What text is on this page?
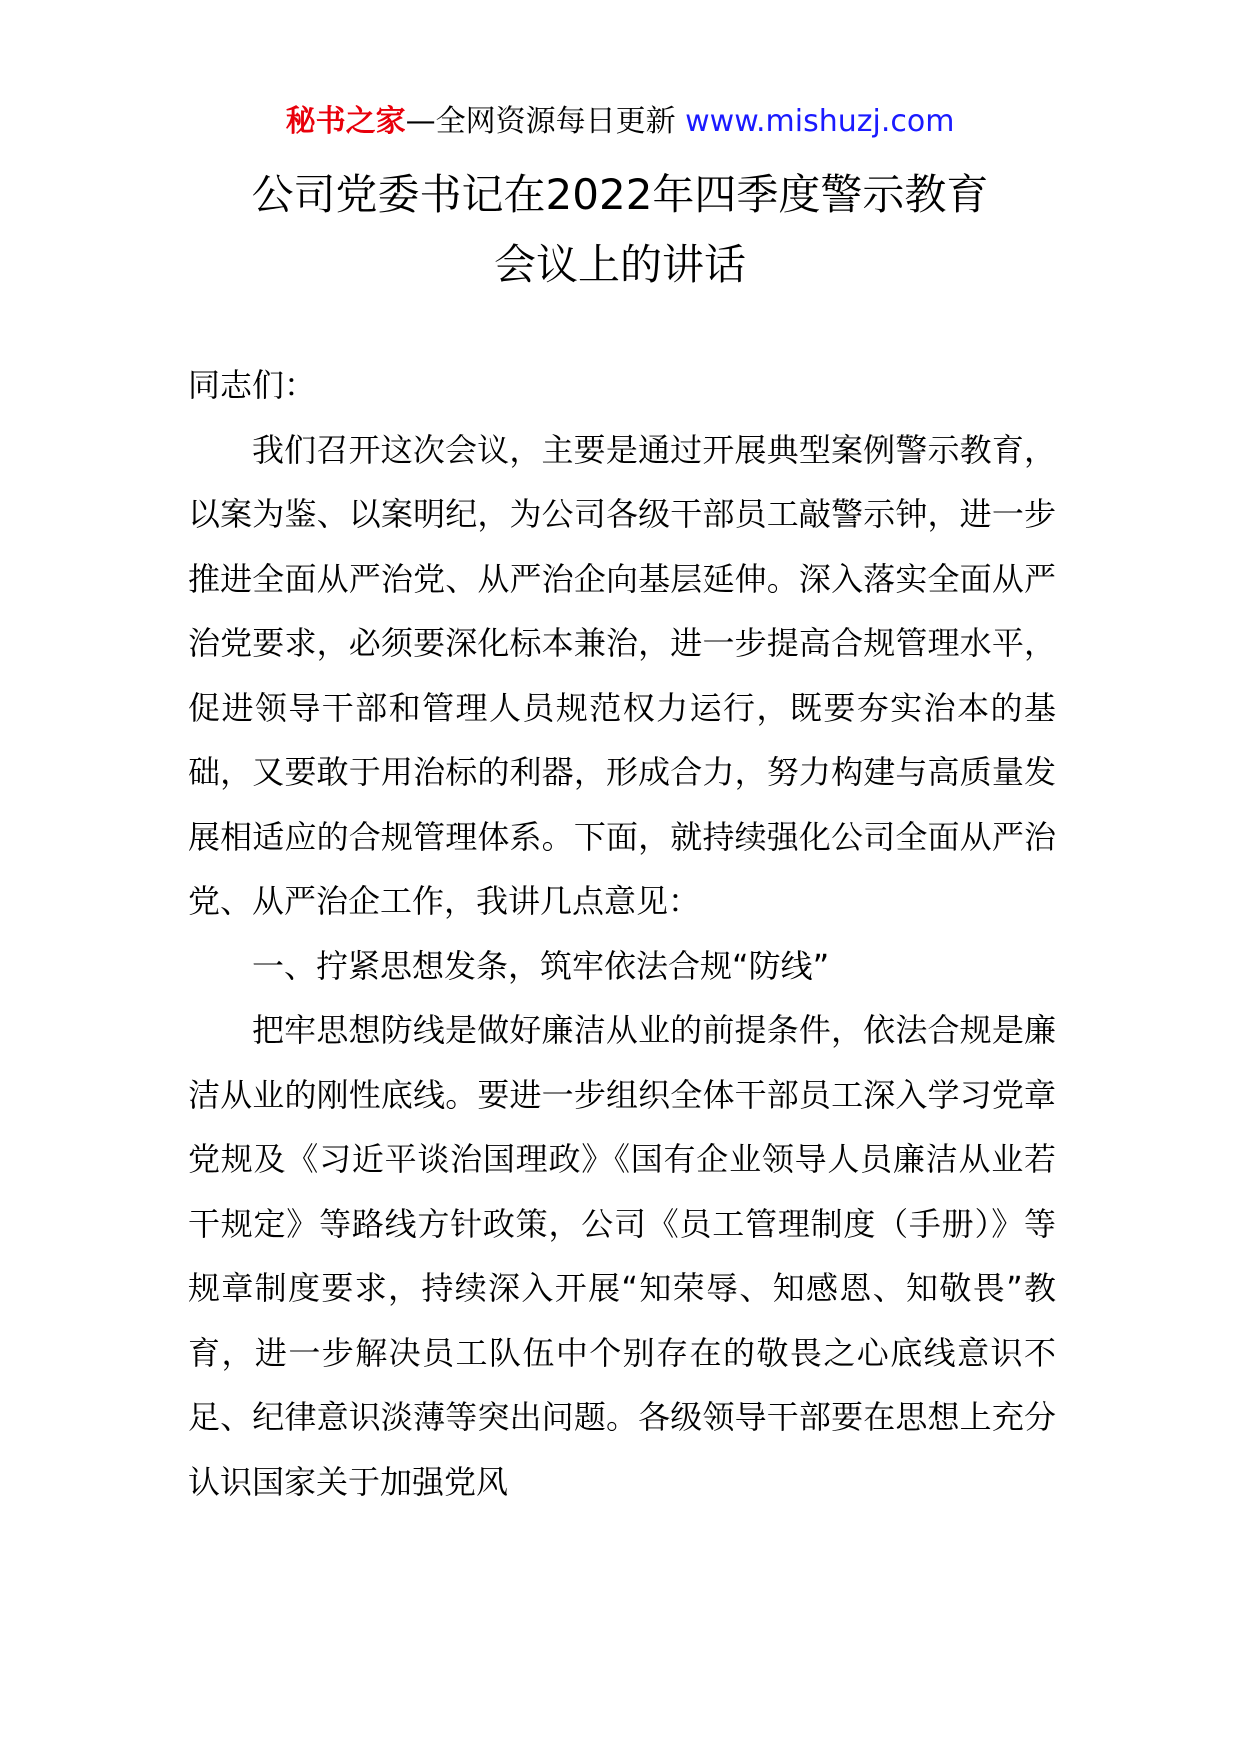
秘书之家—全网资源每日更新 www.mishuzj.com
公司党委书记在2022年四季度警示教育
会议上的讲话

同志们：

我们召开这次会议，主要是通过开展典型案例警示教育，以案为鉴、以案明纪，为公司各级干部员工敲警示钟，进一步推进全面从严治党、从严治企向基层延伸。深入落实全面从严治党要求，必须要深化标本兼治，进一步提高合规管理水平，促进领导干部和管理人员规范权力运行，既要夯实治本的基础，又要敢于用治标的利器，形成合力，努力构建与高质量发展相适应的合规管理体系。下面，就持续强化公司全面从严治党、从严治企工作，我讲几点意见：

一、拧紧思想发条，筑牢依法合规“防线”

把牢思想防线是做好廉洁从业的前提条件，依法合规是廉洁从业的刚性底线。要进一步组织全体干部员工深入学习党章党规及《习近平谈治国理政》《国有企业领导人员廉洁从业若干规定》等路线方针政策，公司《员工管理制度（手册）》等规章制度要求，持续深入开展“知荣辱、知感恩、知敬畏”教育，进一步解决员工队伍中个别存在的敬畏之心底线意识不足、纪律意识淡薄等突出问题。各级领导干部要在思想上充分认识国家关于加强党风
